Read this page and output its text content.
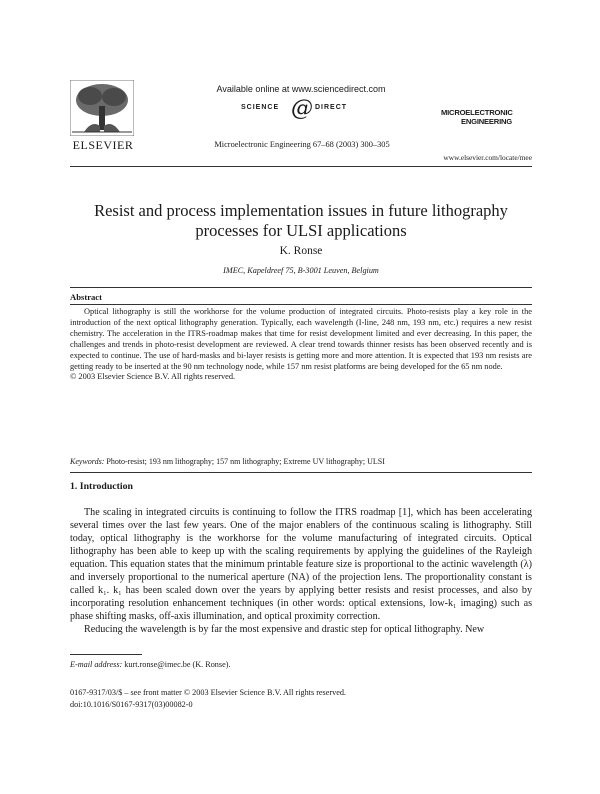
ELSEVIER
Available online at www.sciencedirect.com
SCIENCE @ DIRECT
Microelectronic Engineering 67–68 (2003) 300–305
MICROELECTRONIC
ENGINEERING
www.elsevier.com/locate/mee
Resist and process implementation issues in future lithography processes for ULSI applications
K. Ronse
IMEC, Kapeldreef 75, B-3001 Leuven, Belgium
Abstract

Optical lithography is still the workhorse for the volume production of integrated circuits. Photo-resists play a key role in the introduction of the next optical lithography generation. Typically, each wavelength (I-line, 248 nm, 193 nm, etc.) requires a new resist chemistry. The acceleration in the ITRS-roadmap makes that time for resist development limited and ever decreasing. In this paper, the challenges and trends in photo-resist development are reviewed. A clear trend towards thinner resists has been observed recently and is expected to continue. The use of hard-masks and bi-layer resists is getting more and more attention. It is expected that 193 nm resists are getting ready to be inserted at the 90 nm technology node, while 157 nm resist platforms are being developed for the 65 nm node.

© 2003 Elsevier Science B.V. All rights reserved.

Keywords: Photo-resist; 193 nm lithography; 157 nm lithography; Extreme UV lithography; ULSI
1. Introduction

The scaling in integrated circuits is continuing to follow the ITRS roadmap [1], which has been accelerating several times over the last few years. One of the major enablers of the continuous scaling is lithography. Still today, optical lithography is the workhorse for the volume manufacturing of integrated circuits. Optical lithography has been able to keep up with the scaling requirements by applying the guidelines of the Rayleigh equation. This equation states that the minimum printable feature size is proportional to the actinic wavelength (λ) and inversely proportional to the numerical aperture (NA) of the projection lens. The proportionality constant is called k₁. k₁ has been scaled down over the years by applying better resists and resist processes, and also by incorporating resolution enhancement techniques (in other words: optical extensions, low-k₁ imaging) such as phase shifting masks, off-axis illumination, and optical proximity correction.

Reducing the wavelength is by far the most expensive and drastic step for optical lithography. New

E-mail address: kurt.ronse@imec.be (K. Ronse).
0167-9317/03/$ – see front matter © 2003 Elsevier Science B.V. All rights reserved.
doi:10.1016/S0167-9317(03)00082-0
